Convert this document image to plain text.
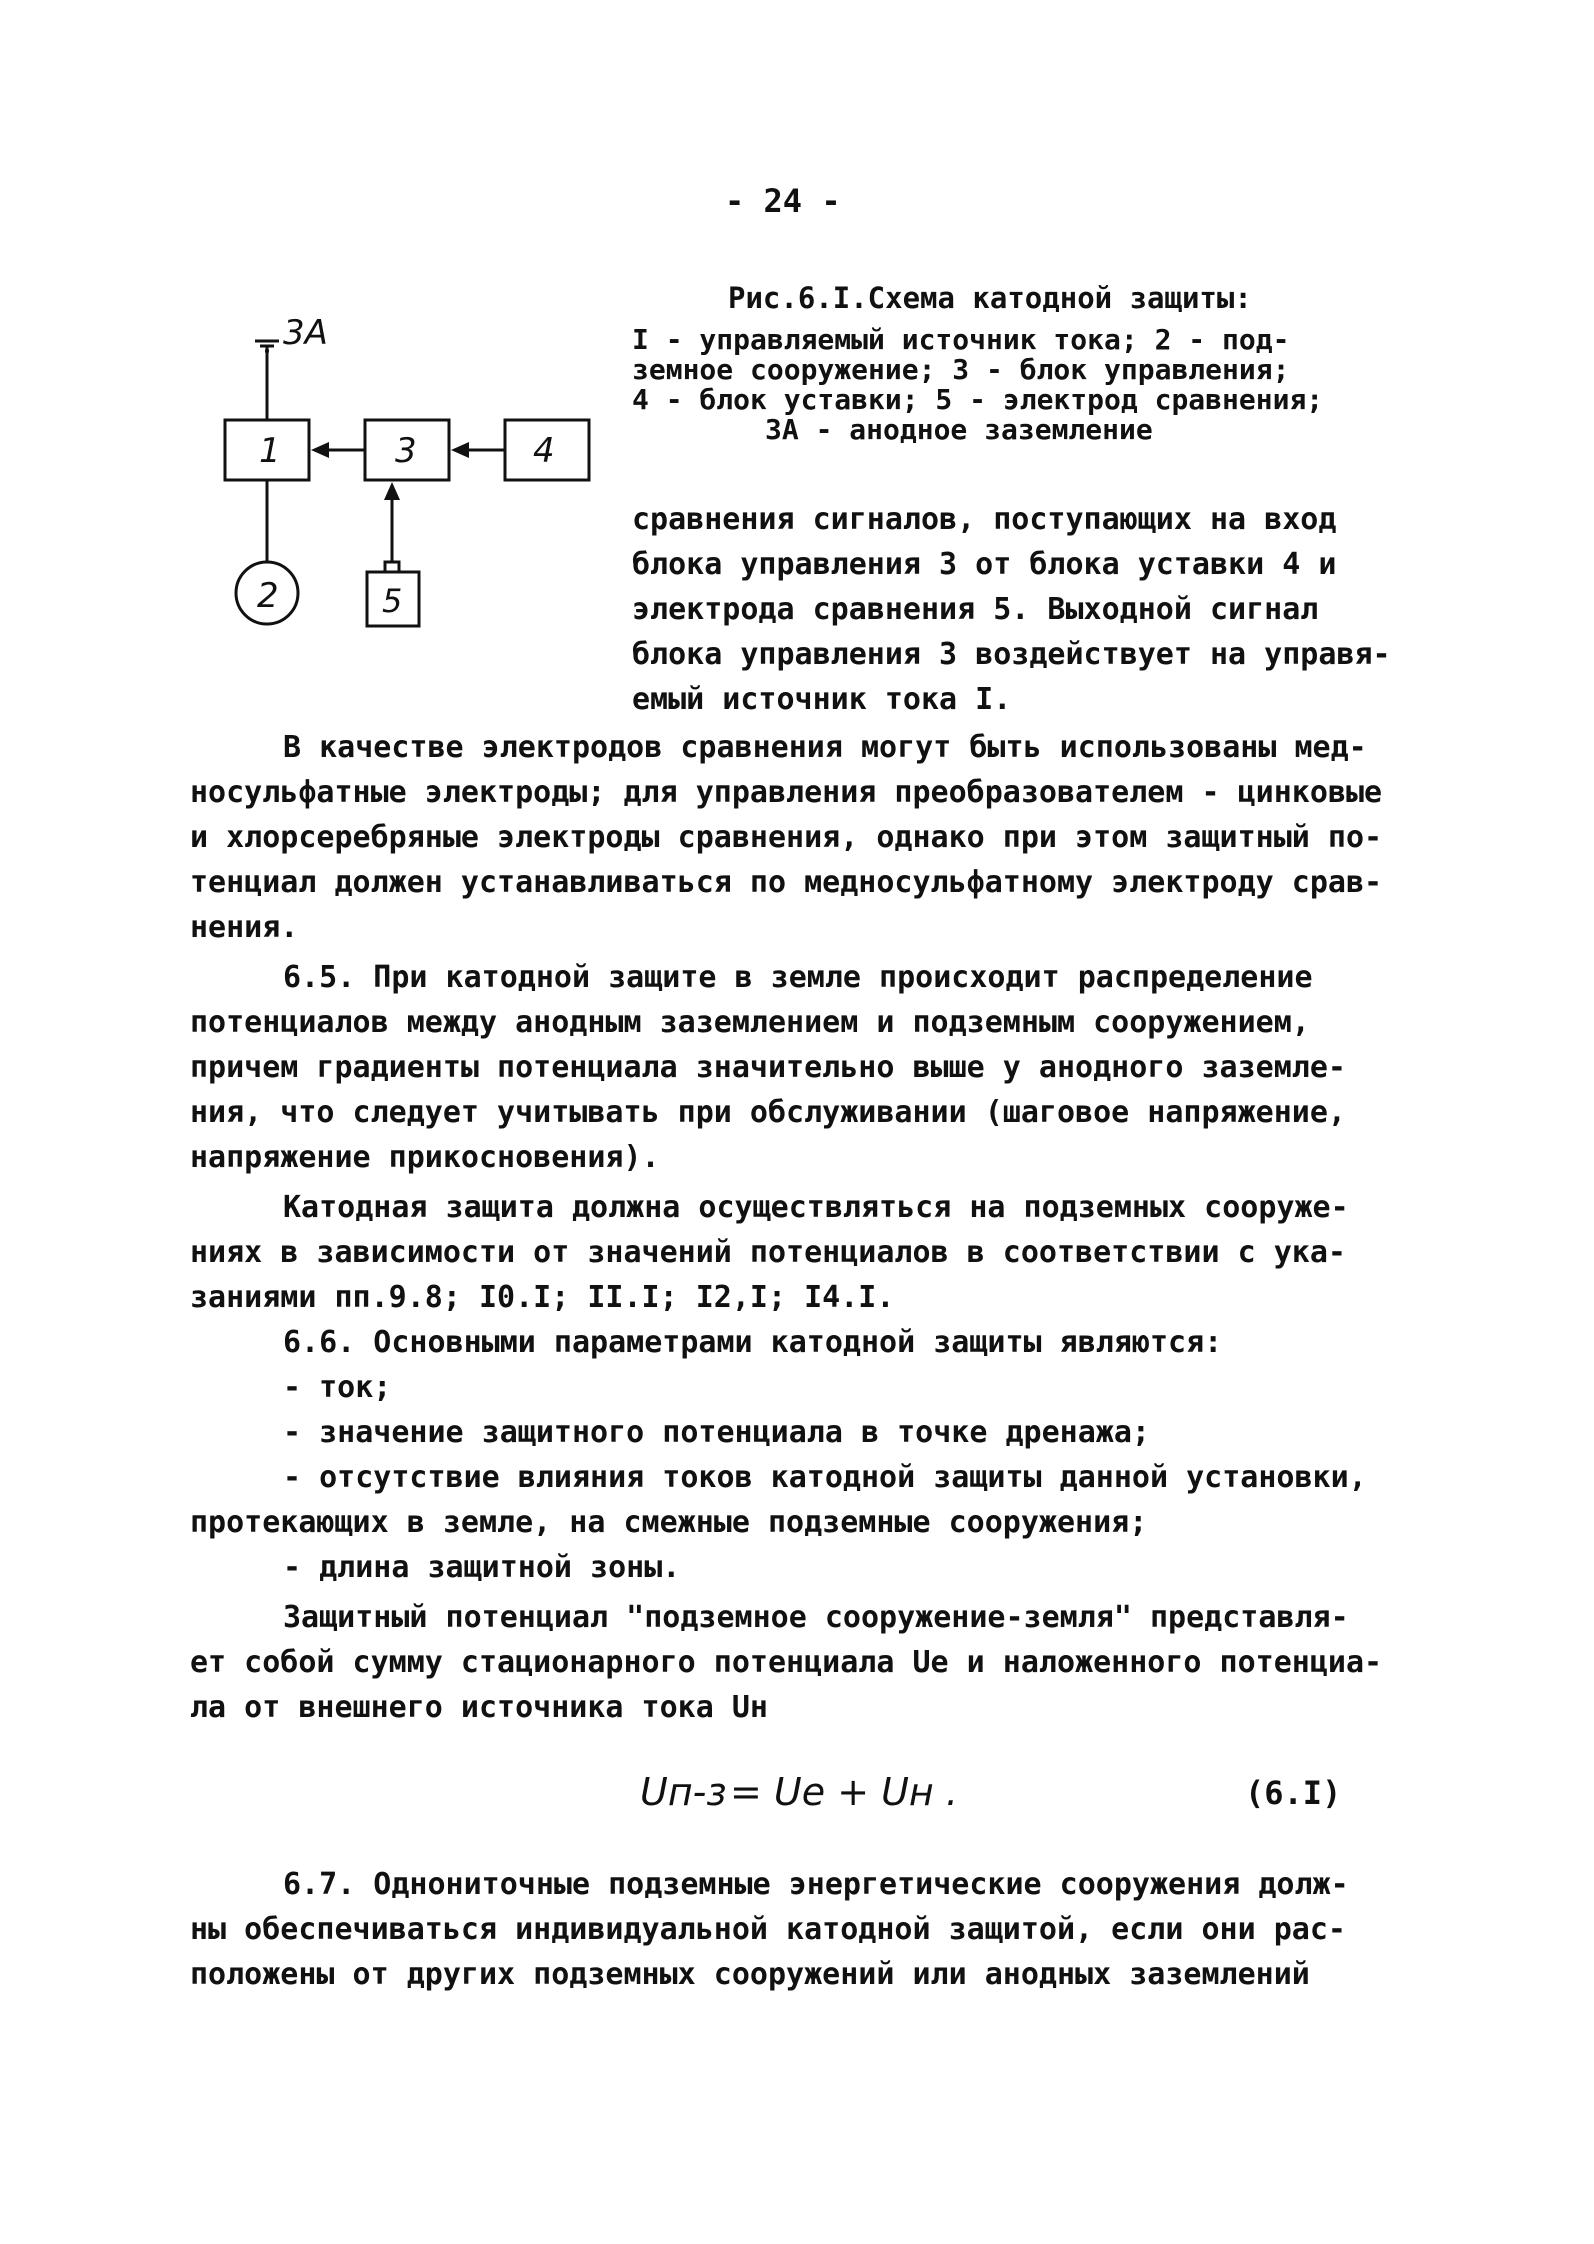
- 24 -
3А
1
2
3	4
5
Рис.6.I.Схема катодной защиты:
I - управляемый источник тока; 2 - под-
земное сооружение; 3 - блок управления;
4 - блок уставки; 5 - электрод сравнения;
3А - анодное заземление
сравнения сигналов, поступающих на вход
блока управления 3 от блока уставки 4 и
электрода сравнения 5. Выходной сигнал
блока управления 3 воздействует на управя-
емый источник тока I.
В качестве электродов сравнения могут быть использованы мед-
носульфатные электроды; для управления преобразователем - цинковые
и хлорсеребряные электроды сравнения, однако при этом защитный по-
тенциал должен устанавливаться по медносульфатному электроду срав-
нения.
6.5. При катодной защите в земле происходит распределение
потенциалов между анодным заземлением и подземным сооружением,
причем градиенты потенциала значительно выше у анодного заземле-
ния, что следует учитывать при обслуживании (шаговое напряжение,
напряжение прикосновения).
Катодная защита должна осуществляться на подземных сооруже-
ниях в зависимости от значений потенциалов в соответствии с ука-
заниями пп.9.8; I0.I; II.I; I2,I; I4.I.
6.6. Основными параметрами катодной защиты являются:
- ток;
- значение защитного потенциала в точке дренажа;
- отсутствие влияния токов катодной защиты данной установки,
протекающих в земле, на смежные подземные сооружения;
- длина защитной зоны.
Защитный потенциал "подземное сооружение-земля" представля-
ет собой сумму стационарного потенциала Uе и наложенного потенциа-
ла от внешнего источника тока Uн
Uп-з = Uе + Uн .	(6.I)
6.7. Однониточные подземные энергетические сооружения долж-
ны обеспечиваться индивидуальной катодной защитой, если они рас-
положены от других подземных сооружений или анодных заземлений
